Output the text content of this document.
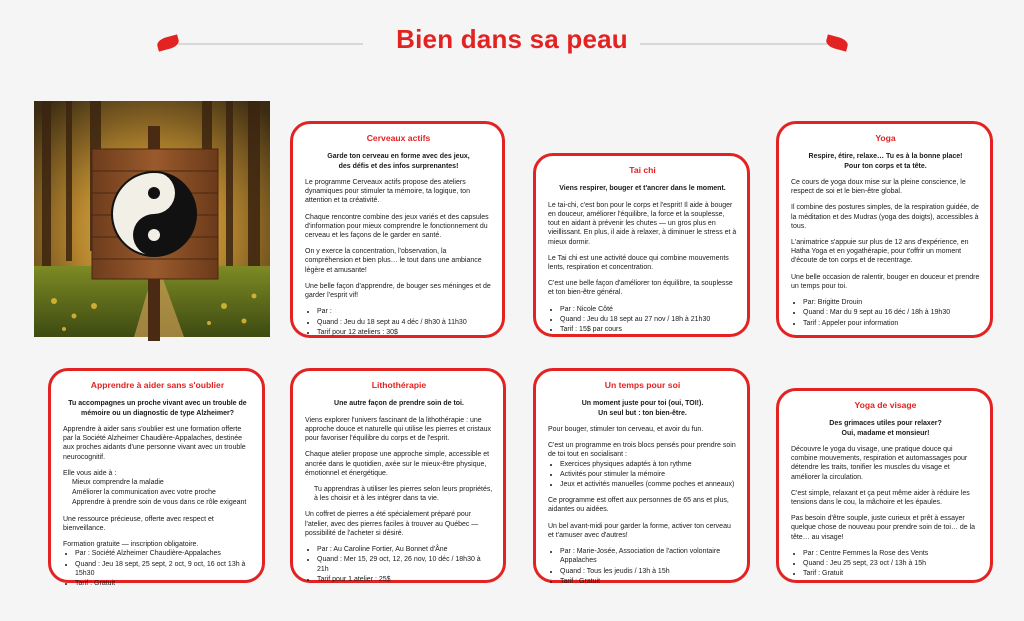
Bien dans sa peau
Cerveaux actifs
Garde ton cerveau en forme avec des jeux,
des défis et des infos surprenantes!

Le programme Cerveaux actifs propose des ateliers dynamiques pour stimuler ta mémoire, ta logique, ton attention et ta créativité.

Chaque rencontre combine des jeux variés et des capsules d'information pour mieux comprendre le fonctionnement du cerveau et les façons de le garder en santé.

On y exerce la concentration, l'observation, la compréhension et bien plus… le tout dans une ambiance légère et amusante!

Une belle façon d'apprendre, de bouger ses méninges et de garder l'esprit vif!

• Par :
• Quand : Jeu du 18 sept au 4 déc / 8h30 à 11h30
• Tarif pour 12 ateliers : 30$
Tai chi
Viens respirer, bouger et t'ancrer dans le moment.

Le tai-chi, c'est bon pour le corps et l'esprit! Il aide à bouger en douceur, améliorer l'équilibre, la force et la souplesse, tout en aidant à prévenir les chutes — un gros plus en vieillissant. En plus, il aide à relaxer, à diminuer le stress et à mieux dormir.

Le Tai chi est une activité douce qui combine mouvements lents, respiration et concentration.

C'est une belle façon d'améliorer ton équilibre, ta souplesse et ton bien-être général.

• Par : Nicole Côté
• Quand : Jeu du 18 sept au 27 nov / 18h à 21h30
• Tarif : 15$ par cours
Yoga
Respire, étire, relaxe… Tu es à la bonne place!
Pour ton corps et ta tête.

Ce cours de yoga doux mise sur la pleine conscience, le respect de soi et le bien-être global.

Il combine des postures simples, de la respiration guidée, de la méditation et des Mudras (yoga des doigts), accessibles à tous.

L'animatrice s'appuie sur plus de 12 ans d'expérience, en Hatha Yoga et en yogathérapie, pour t'offrir un moment d'écoute de ton corps et de recentrage.

Une belle occasion de ralentir, bouger en douceur et prendre un temps pour toi.

• Par: Brigitte Drouin
• Quand : Mar du 9 sept au 16 déc / 18h à 19h30
• Tarif : Appeler pour information
Apprendre à aider sans s'oublier
Tu accompagnes un proche vivant avec un trouble de
mémoire ou un diagnostic de type Alzheimer?

Apprendre à aider sans s'oublier est une formation offerte par la Société Alzheimer Chaudière-Appalaches, destinée aux proches aidants d'une personne vivant avec un trouble neurocognitif.

Elle vous aide à :
Mieux comprendre la maladie
Améliorer la communication avec votre proche
Apprendre à prendre soin de vous dans ce rôle exigeant

Une ressource précieuse, offerte avec respect et bienveillance.

Formation gratuite — inscription obligatoire.
• Par : Société Alzheimer Chaudière-Appalaches
• Quand : Jeu 18 sept, 25 sept, 2 oct, 9 oct, 16 oct 13h à 15h30
• Tarif : Gratuit
Lithothérapie
Une autre façon de prendre soin de toi.

Viens explorer l'univers fascinant de la lithothérapie : une approche douce et naturelle qui utilise les pierres et cristaux pour favoriser l'équilibre du corps et de l'esprit.

Chaque atelier propose une approche simple, accessible et ancrée dans le quotidien, axée sur le mieux-être physique, émotionnel et énergétique.

Tu apprendras à utiliser les pierres selon leurs propriétés, à les choisir et à les intégrer dans ta vie.

Un coffret de pierres a été spécialement préparé pour l'atelier, avec des pierres faciles à trouver au Québec — possibilité de l'acheter si désiré.

• Par : Au Caroline Fortier, Au Bonnet d'Âne
• Quand : Mer 15, 29 oct, 12, 26 nov, 10 déc / 18h30 à 21h
• Tarif pour 1 atelier : 25$
Un temps pour soi
Un moment juste pour toi (oui, TOI!).
Un seul but : ton bien-être.

Pour bouger, stimuler ton cerveau, et avoir du fun.

C'est un programme en trois blocs pensés pour prendre soin de toi tout en socialisant :
• Exercices physiques adaptés à ton rythme
• Activités pour stimuler la mémoire
• Jeux et activités manuelles (comme poches et anneaux)

Ce programme est offert aux personnes de 65 ans et plus, aidantes ou aidées.

Un bel avant-midi pour garder la forme, activer ton cerveau et t'amuser avec d'autres!

• Par : Marie-Josée, Association de l'action volontaire Appalaches
• Quand : Tous les jeudis / 13h à 15h
• Tarif : Gratuit
Yoga de visage
Des grimaces utiles pour relaxer?
Oui, madame et monsieur!

Découvre le yoga du visage, une pratique douce qui combine mouvements, respiration et automassages pour détendre les traits, tonifier les muscles du visage et améliorer la circulation.

C'est simple, relaxant et ça peut même aider à réduire les tensions dans le cou, la mâchoire et les épaules.

Pas besoin d'être souple, juste curieux et prêt à essayer quelque chose de nouveau pour prendre soin de toi… de la tête… au visage!

• Par : Centre Femmes la Rose des Vents
• Quand : Jeu 25 sept, 23 oct / 13h à 15h
• Tarif : Gratuit
